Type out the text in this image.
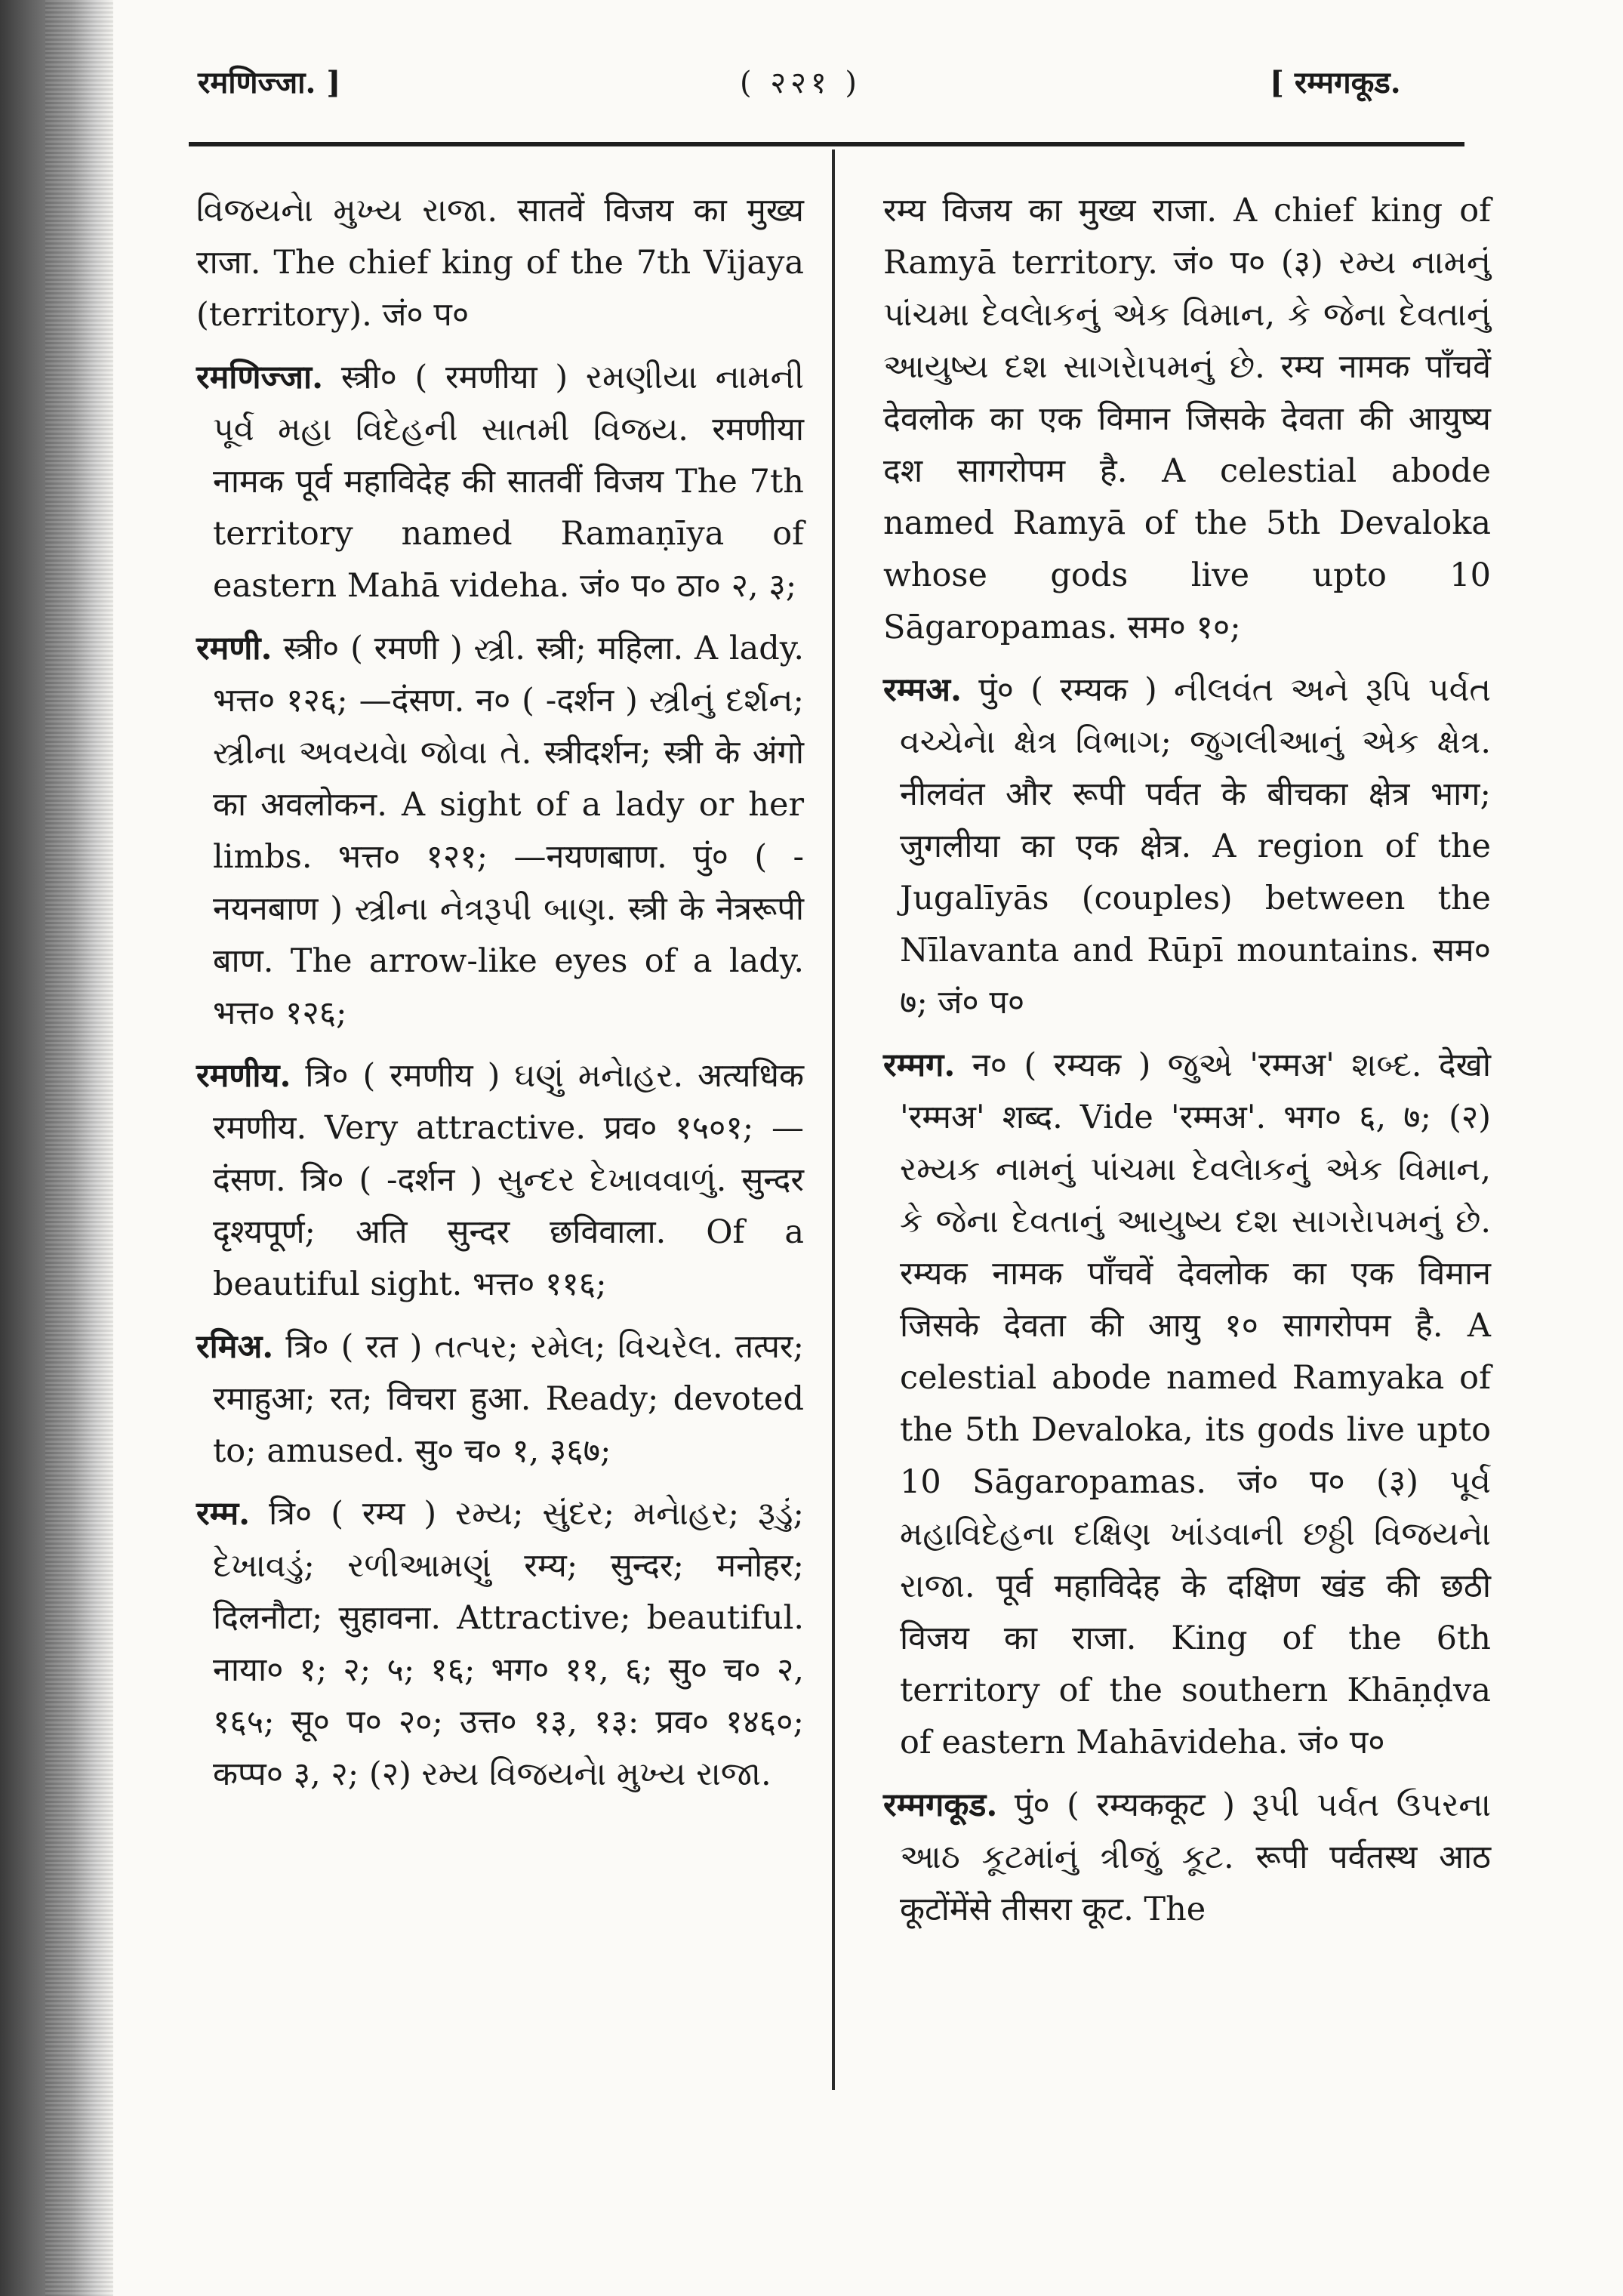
रमणिज्जा. ]	( २२१ )	[ रम्मगकूड.

વિજયનેા મુખ્ય રાજા. सातवें विजय का मुख्य राजा. The chief king of the 7th Vijaya (territory). जं० प०

रमणिज्जा. स्त्री० ( रमणीया ) રમણીયા નામની પૂર્વ મહા વિદેહની સાતમી વિજય. रमणीया नामक पूर्व महाविदेह की सातवीं विजय The 7th territory named Ramaṇīya of eastern Mahā videha. जं० प० ठा० २, ३;

रमणी. स्त्री० ( रमणी ) સ્ત્રી. स्त्री; महिला. A lady. भत्त० १२६; —दंसण. न० ( -दर्शन ) સ્ત્રીનું દર્શન; સ્ત્રીના અવયવેા જોવા તે. स्त्रीदर्शन; स्त्री के अंगो का अवलोकन. A sight of a lady or her limbs. भत्त० १२१; —नयणबाण. पुं० ( -नयनबाण ) સ્ત્રીના નેત્રરૂપી બાણ. स्त्री के नेत्ररूपी बाण. The arrow-like eyes of a lady. भत्त० १२६;

रमणीय. त्रि० ( रमणीय ) ઘણું મનેાહર. अत्यधिक रमणीय. Very attractive. प्रव० १५०१; —दंसण. त्रि० ( -दर्शन ) સુન્દર દેખાવવાળું. सुन्दर दृश्यपूर्ण; अति सुन्दर छविवाला. Of a beautiful sight. भत्त० ११६;

रमिअ. त्रि० ( रत ) તત્પર; રમેલ; વિચરેલ. तत्पर; रमाहुआ; रत; विचरा हुआ. Ready; devoted to; amused. सु० च० १, ३६७;

रम्म. त्रि० ( रम्य ) રમ્ય; સુંદર; મનેાહર; રૂડું; દેખાવડું; રળીઆમણું रम्य; सुन्दर; मनोहर; दिलनौटा; सुहावना. Attractive; beautiful. नाया० १; २; ५; १६; भग० ११, ६; सु० च० २, १६५; सू० प० २०; उत्त० १३, १३: प्रव० १४६०; कप्प० ३, २; (२) રમ્ય વિજયનેા મુખ્ય રાજા.

रम्य विजय का मुख्य राजा. A chief king of Ramyā territory. जं० प० (३) રમ્ય નામનું પાંચમા દેવલેાકનું એક વિમાન, કે જેના દેવતાનું આયુષ્ય દશ સાગરેાપમનું છે. रम्य नामक पाँचवें देवलोक का एक विमान जिसके देवता की आयुष्य दश सागरोपम है. A celestial abode named Ramyā of the 5th Devaloka whose gods live upto 10 Sāgaropamas. सम० १०;

रम्मअ. पुं० ( रम्यक ) નીલવંત અને રૂપિ પર્વત વચ્ચેનેા ક્ષેત્ર વિભાગ; જુગલીઆનું એક ક્ષેત્ર. नीलवंत और रूपी पर्वत के बीचका क्षेत्र भाग; जुगलीया का एक क्षेत्र. A region of the Jugalīyās (couples) between the Nīlavanta and Rūpī mountains. सम० ७; जं० प०

रम्मग. न० ( रम्यक ) જુએ 'रम्मअ' શબ્દ. देखो 'रम्मअ' शब्द. Vide 'रम्मअ'. भग० ६, ७; (२) રમ્યક નામનું પાંચમા દેવલેાકનું એક વિમાન, કે જેના દેવતાનું આયુષ્ય દશ સાગરેાપમનું છે. रम्यक नामक पाँचवें देवलोक का एक विमान जिसके देवता की आयु १० सागरोपम है. A celestial abode named Ramyaka of the 5th Devaloka, its gods live upto 10 Sāgaropamas. जं० प० (३) પૂર્વ મહાવિદેહના દક્ષિણ ખાંડવાની છઠ્ઠી વિજયનેા રાજા. पूर्व महाविदेह के दक्षिण खंड की छठी विजय का राजा. King of the 6th territory of the southern Khāṇḍva of eastern Mahāvideha. जं० प०

रम्मगकूड. पुं० ( रम्यककूट ) રૂપી પર્વત ઉપરના આઠ કૂટમાંનું ત્રીજું કૂટ. रूपी पर्वतस्थ आठ कूटोंमेंसे तीसरा कूट. The
